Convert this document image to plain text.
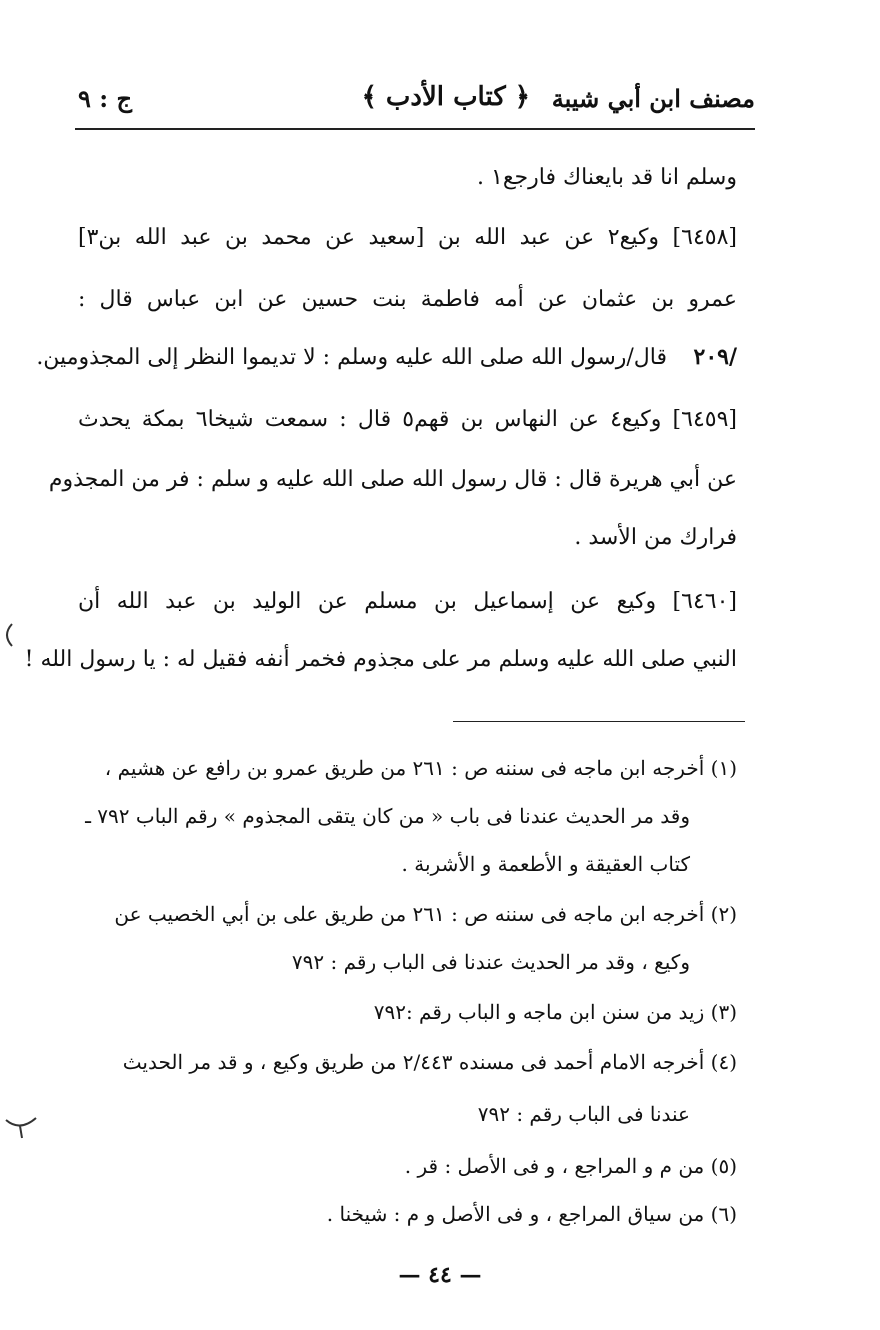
مصنف ابن أبي شيبة
﴿ كتاب الأدب ﴾
ج : ٩
وسلم انا قد بايعناك فارجع١ .
[٦٤٥٨] وكيع٢ عن عبد الله بن [سعيد عن محمد بن عبد الله بن٣]
عمرو بن عثمان عن أمه فاطمة بنت حسين عن ابن عباس قال :
قال/رسول الله صلى الله عليه وسلم : لا تديموا النظر إلى المجذومين.
[٦٤٥٩] وكيع٤ عن النهاس بن قهم٥ قال : سمعت شيخا٦ بمكة يحدث
عن أبي هريرة قال : قال رسول الله صلى الله عليه و سلم : فر من المجذوم
فرارك من الأسد .
[٦٤٦٠] وكيع عن إسماعيل بن مسلم عن الوليد بن عبد الله أن
النبي صلى الله عليه وسلم مر على مجذوم فخمر أنفه فقيل له : يا رسول الله !
٢٠٩/
(١) أخرجه ابن ماجه فى سننه ص : ٢٦١ من طريق عمرو بن رافع عن هشيم ،
وقد مر الحديث عندنا فى باب « من كان يتقى المجذوم » رقم الباب ٧٩٢ ـ
كتاب العقيقة و الأطعمة و الأشربة .
(٢) أخرجه ابن ماجه فى سننه ص : ٢٦١ من طريق على بن أبي الخصيب عن
وكيع ، وقد مر الحديث عندنا فى الباب رقم : ٧٩٢
(٣) زيد من سنن ابن ماجه و الباب رقم :٧٩٢
(٤) أخرجه الامام أحمد فى مسنده ٢/٤٤٣ من طريق وكيع ، و قد مر الحديث
عندنا فى الباب رقم : ٧٩٢
(٥) من م و المراجع ، و فى الأصل : قر .
(٦) من سياق المراجع ، و فى الأصل و م : شيخنا .
— ٤٤ —
